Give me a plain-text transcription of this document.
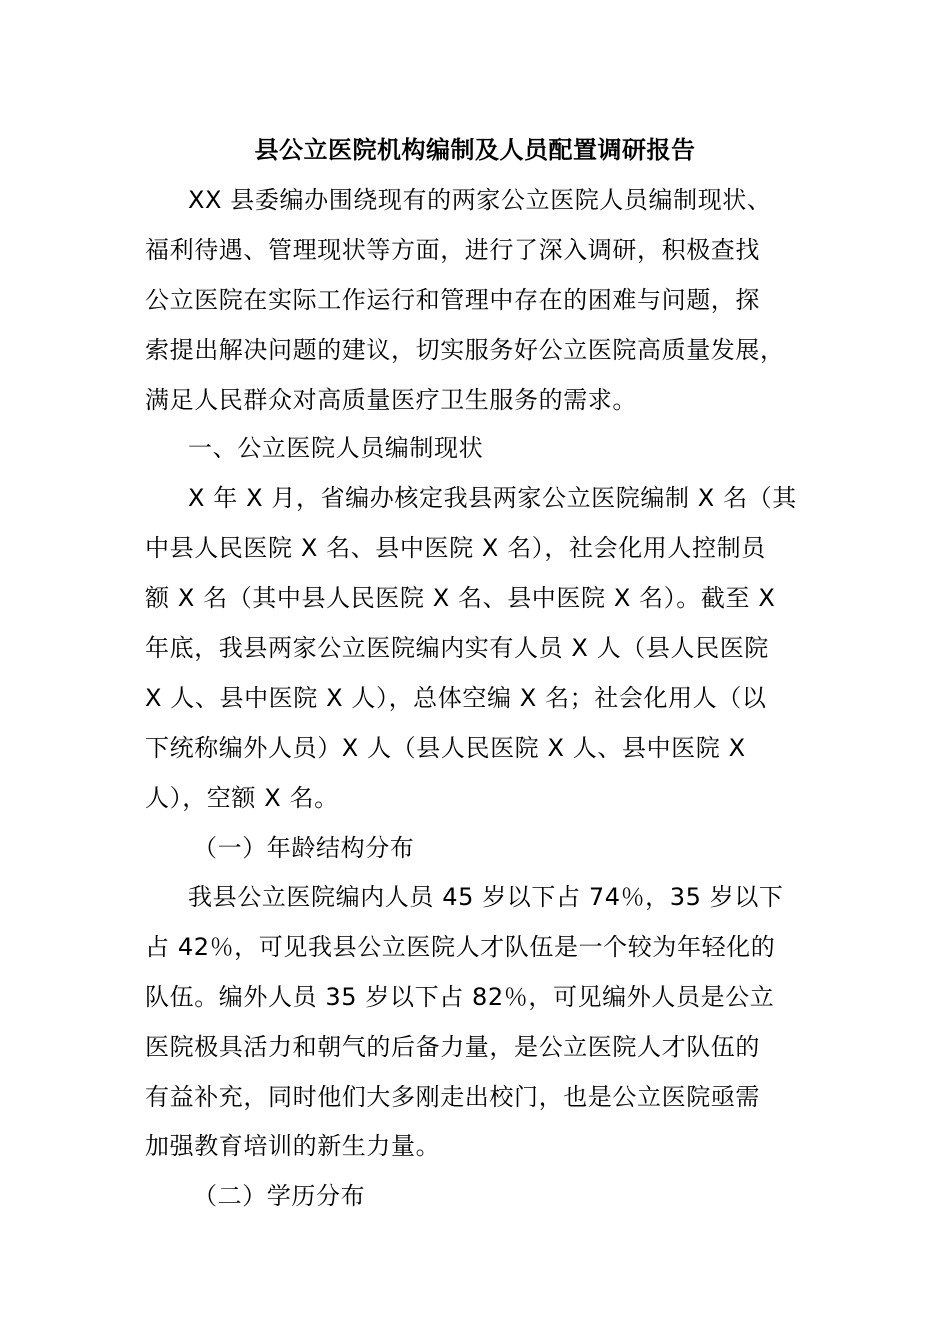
县公立医院机构编制及人员配置调研报告
XX 县委编办围绕现有的两家公立医院人员编制现状、
福利待遇、管理现状等方面，进行了深入调研，积极查找
公立医院在实际工作运行和管理中存在的困难与问题，探
索提出解决问题的建议，切实服务好公立医院高质量发展，
满足人民群众对高质量医疗卫生服务的需求。
一、公立医院人员编制现状
X 年 X 月，省编办核定我县两家公立医院编制 X 名（其
中县人民医院 X 名、县中医院 X 名），社会化用人控制员
额 X 名（其中县人民医院 X 名、县中医院 X 名）。截至 X
年底，我县两家公立医院编内实有人员 X 人（县人民医院
X 人、县中医院 X 人），总体空编 X 名；社会化用人（以
下统称编外人员）X 人（县人民医院 X 人、县中医院 X
人），空额 X 名。
（一）年龄结构分布
我县公立医院编内人员 45 岁以下占 74％，35 岁以下
占 42％，可见我县公立医院人才队伍是一个较为年轻化的
队伍。编外人员 35 岁以下占 82％，可见编外人员是公立
医院极具活力和朝气的后备力量，是公立医院人才队伍的
有益补充，同时他们大多刚走出校门，也是公立医院亟需
加强教育培训的新生力量。
（二）学历分布
